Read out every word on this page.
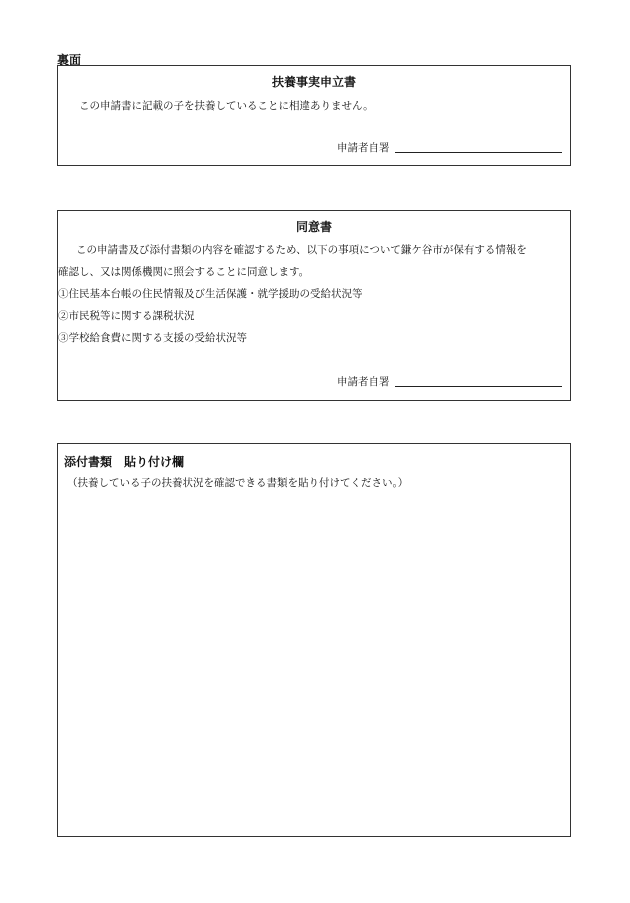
裏面
扶養事実申立書
この申請書に記載の子を扶養していることに相違ありません。
申請者自署
同意書
この申請書及び添付書類の内容を確認するため、以下の事項について鎌ケ谷市が保有する情報を
確認し、又は関係機関に照会することに同意します。
①住民基本台帳の住民情報及び生活保護・就学援助の受給状況等
②市民税等に関する課税状況
③学校給食費に関する支援の受給状況等
申請者自署
添付書類　貼り付け欄
（扶養している子の扶養状況を確認できる書類を貼り付けてください。）
